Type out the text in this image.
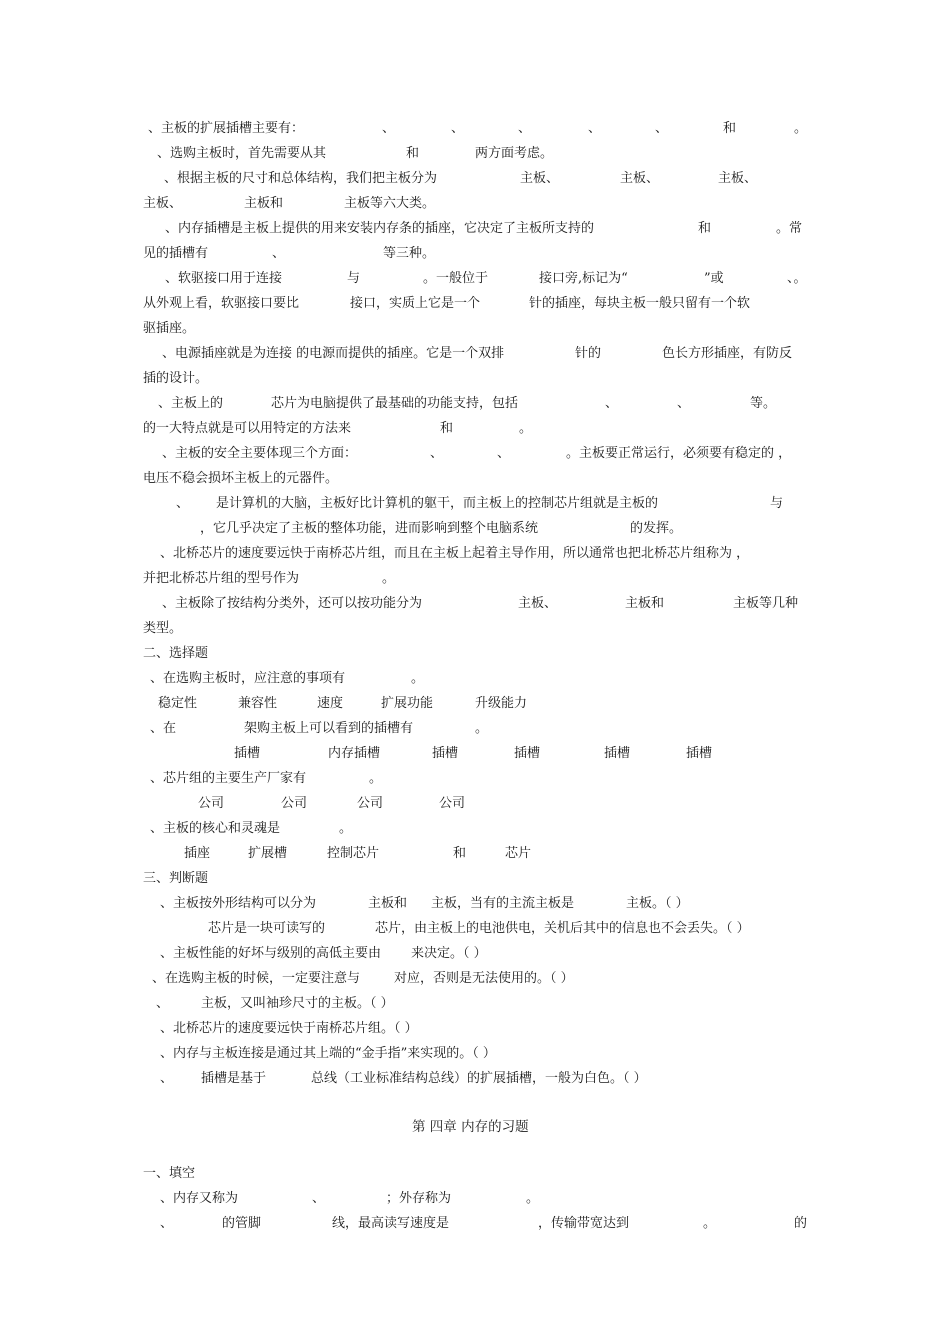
、主板的扩展插槽主要有：	、	、	、	、	、	和	。
、选购主板时，首先需要从其	和	两方面考虑。
、根据主板的尺寸和总体结构，我们把主板分为	主板、	主板、	主板、
主板、	主板和	主板等六大类。
、内存插槽是主板上提供的用来安装内存条的插座，它决定了主板所支持的	和	。常
见的插槽有	、	等三种。
、软驱接口用于连接	与	。一般位于	接口旁,标记为“	”或	、。
从外观上看，软驱接口要比	接口，实质上它是一个	针的插座，每块主板一般只留有一个软
驱插座。
、电源插座就是为连接 的电源而提供的插座。它是一个双排	针的	色长方形插座，有防反
插的设计。
、主板上的	芯片为电脑提供了最基础的功能支持，包括	、	、	等。
的一大特点就是可以用特定的方法来	和	。
、主板的安全主要体现三个方面：	、	、	。主板要正常运行，必须要有稳定的 ，
电压不稳会损坏主板上的元器件。
、 是计算机的大脑，主板好比计算机的躯干，而主板上的控制芯片组就是主板的	与
，它几乎决定了主板的整体功能，进而影响到整个电脑系统	的发挥。
、北桥芯片的速度要远快于南桥芯片组，而且在主板上起着主导作用，所以通常也把北桥芯片组称为 ，
并把北桥芯片组的型号作为	。
、主板除了按结构分类外，还可以按功能分为	主板、	主板和	主板等几种
类型。
二、选择题
、在选购主板时，应注意的事项有	。
稳定性	兼容性	速度	扩展功能	升级能力
、在	架购主板上可以看到的插槽有	。
插槽	内存插槽	插槽	插槽	插槽	插槽
、芯片组的主要生产厂家有	。
公司	公司	公司	公司
、主板的核心和灵魂是	。
插座	扩展槽	控制芯片	和	芯片
三、判断题
、主板按外形结构可以分为	主板和 主板，当有的主流主板是	主板。（ ）
芯片是一块可读写的	芯片，由主板上的电池供电，关机后其中的信息也不会丢失。（ ）
、主板性能的好坏与级别的高低主要由 来决定。（ ）
、在选购主板的时候，一定要注意与	对应，否则是无法使用的。（ ）
、 主板，又叫袖珍尺寸的主板。（ ）
、北桥芯片的速度要远快于南桥芯片组。（ ）
、内存与主板连接是通过其上端的“金手指”来实现的。（ ）
、 插槽是基于	总线（工业标准结构总线）的扩展插槽，一般为白色。（ ）
第 四章 内存的习题
一、填空
、内存又称为	、	；外存称为	。
、	的管脚	线，最高读写速度是	，传输带宽达到	。	的
